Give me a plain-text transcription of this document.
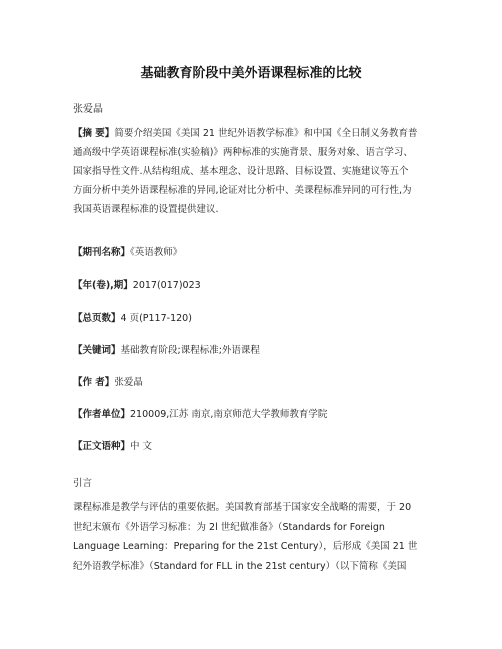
基础教育阶段中美外语课程标准的比较
张爱晶
【摘 要】简要介绍美国《美国 21 世纪外语教学标准》和中国《全日制义务教育普
通高级中学英语课程标准(实验稿)》两种标准的实施背景、服务对象、语言学习、
国家指导性文件.从结构组成、基本理念、设计思路、目标设置、实施建议等五个
方面分析中美外语课程标准的异同,论证对比分析中、美课程标准异同的可行性,为
我国英语课程标准的设置提供建议.
【期刊名称】《英语教师》
【年(卷),期】2017(017)023
【总页数】4 页(P117-120)
【关键词】基础教育阶段;课程标准;外语课程
【作 者】张爱晶
【作者单位】210009,江苏 南京,南京师范大学教师教育学院
【正文语种】中 文
引言
课程标准是教学与评估的重要依据。美国教育部基于国家安全战略的需要，于 20
世纪末颁布《外语学习标准：为 2l 世纪做准备》（Standards for Foreign
Language Learning：Preparing for the 21st Century），后形成《美国 21 世
纪外语教学标准》（Standard for FLL in the 21st century）（以下简称《美国
